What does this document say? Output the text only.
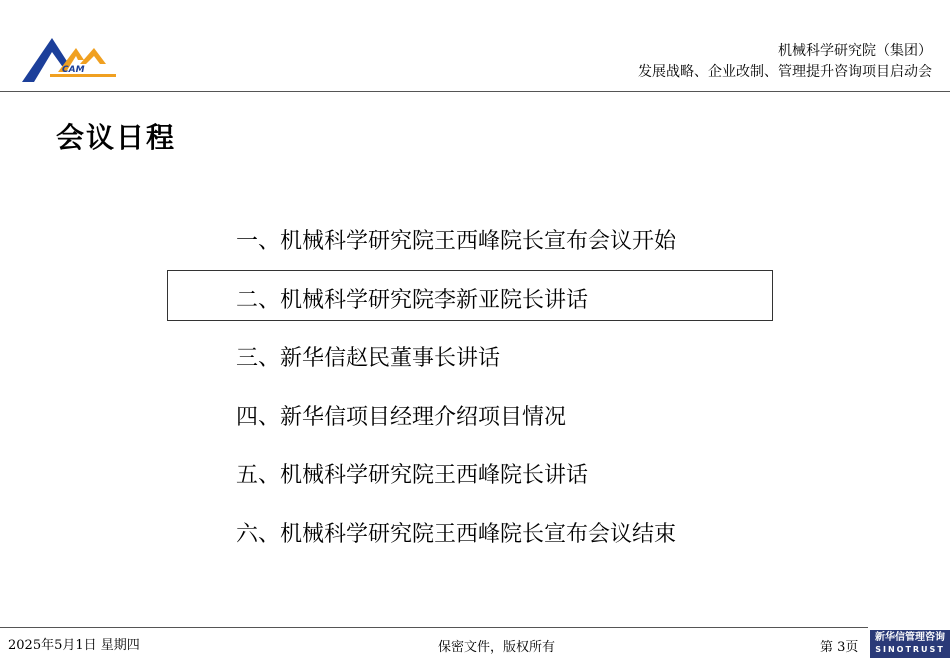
CAM
机械科学研究院（集团）
发展战略、企业改制、管理提升咨询项目启动会
会议日程
一、机械科学研究院王西峰院长宣布会议开始
二、机械科学研究院李新亚院长讲话
三、新华信赵民董事长讲话
四、新华信项目经理介绍项目情况
五、机械科学研究院王西峰院长讲话
六、机械科学研究院王西峰院长宣布会议结束
2025年5月1日 星期四	保密文件，版权所有	第 3页
新华信管理咨询
SINOTRUST
